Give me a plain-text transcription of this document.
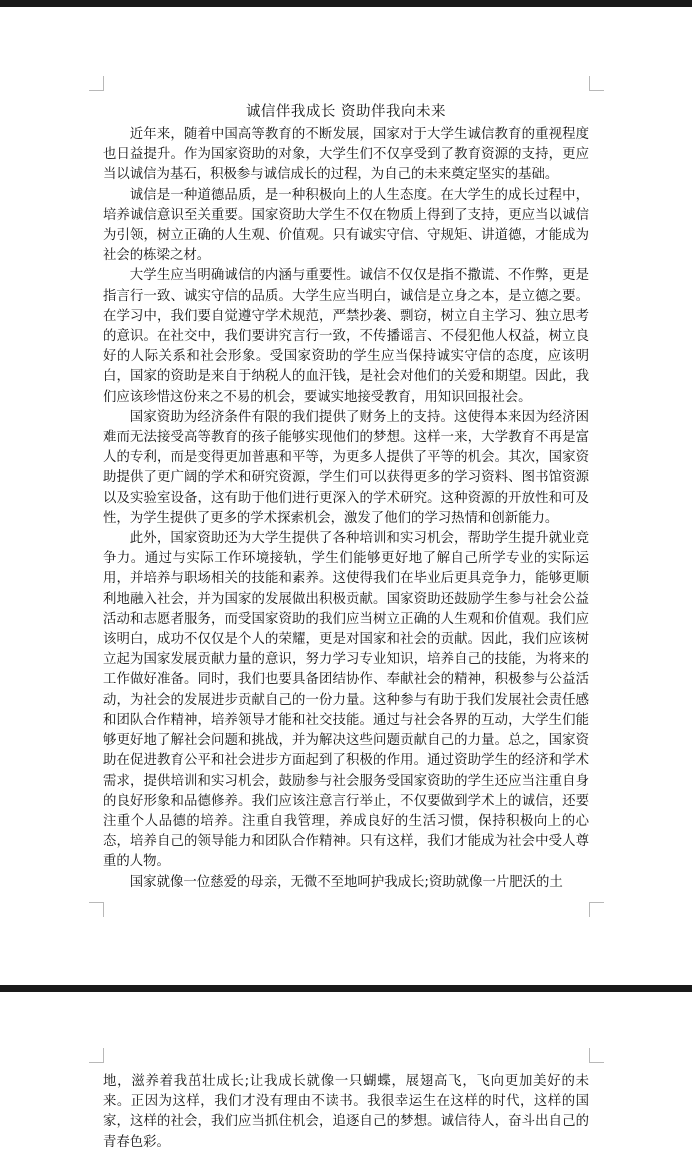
诚信伴我成长 资助伴我向未来

近年来，随着中国高等教育的不断发展，国家对于大学生诚信教育的重视程度也日益提升。作为国家资助的对象，大学生们不仅享受到了教育资源的支持，更应当以诚信为基石，积极参与诚信成长的过程，为自己的未来奠定坚实的基础。

诚信是一种道德品质，是一种积极向上的人生态度。在大学生的成长过程中，培养诚信意识至关重要。国家资助大学生不仅在物质上得到了支持，更应当以诚信为引领，树立正确的人生观、价值观。只有诚实守信、守规矩、讲道德，才能成为社会的栋梁之材。

大学生应当明确诚信的内涵与重要性。诚信不仅仅是指不撒谎、不作弊，更是指言行一致、诚实守信的品质。大学生应当明白，诚信是立身之本，是立德之要。在学习中，我们要自觉遵守学术规范，严禁抄袭、剽窃，树立自主学习、独立思考的意识。在社交中，我们要讲究言行一致，不传播谣言、不侵犯他人权益，树立良好的人际关系和社会形象。受国家资助的学生应当保持诚实守信的态度，应该明白，国家的资助是来自于纳税人的血汗钱，是社会对他们的关爱和期望。因此，我们应该珍惜这份来之不易的机会，要诚实地接受教育，用知识回报社会。

国家资助为经济条件有限的我们提供了财务上的支持。这使得本来因为经济困难而无法接受高等教育的孩子能够实现他们的梦想。这样一来，大学教育不再是富人的专利，而是变得更加普惠和平等，为更多人提供了平等的机会。其次，国家资助提供了更广阔的学术和研究资源，学生们可以获得更多的学习资料、图书馆资源以及实验室设备，这有助于他们进行更深入的学术研究。这种资源的开放性和可及性，为学生提供了更多的学术探索机会，激发了他们的学习热情和创新能力。

此外，国家资助还为大学生提供了各种培训和实习机会，帮助学生提升就业竞争力。通过与实际工作环境接轨，学生们能够更好地了解自己所学专业的实际运用，并培养与职场相关的技能和素养。这使得我们在毕业后更具竞争力，能够更顺利地融入社会，并为国家的发展做出积极贡献。国家资助还鼓励学生参与社会公益活动和志愿者服务，而受国家资助的我们应当树立正确的人生观和价值观。我们应该明白，成功不仅仅是个人的荣耀，更是对国家和社会的贡献。因此，我们应该树立起为国家发展贡献力量的意识，努力学习专业知识，培养自己的技能，为将来的工作做好准备。同时，我们也要具备团结协作、奉献社会的精神，积极参与公益活动，为社会的发展进步贡献自己的一份力量。这种参与有助于我们发展社会责任感和团队合作精神，培养领导才能和社交技能。通过与社会各界的互动，大学生们能够更好地了解社会问题和挑战，并为解决这些问题贡献自己的力量。总之，国家资助在促进教育公平和社会进步方面起到了积极的作用。通过资助学生的经济和学术需求，提供培训和实习机会，鼓励参与社会服务受国家资助的学生还应当注重自身的良好形象和品德修养。我们应该注意言行举止，不仅要做到学术上的诚信，还要注重个人品德的培养。注重自我管理，养成良好的生活习惯，保持积极向上的心态，培养自己的领导能力和团队合作精神。只有这样，我们才能成为社会中受人尊重的人物。

国家就像一位慈爱的母亲，无微不至地呵护我成长;资助就像一片肥沃的土

地，滋养着我茁壮成长;让我成长就像一只蝴蝶，展翅高飞，飞向更加美好的未来。正因为这样，我们才没有理由不读书。我很幸运生在这样的时代，这样的国家，这样的社会，我们应当抓住机会，追逐自己的梦想。诚信待人，奋斗出自己的青春色彩。
